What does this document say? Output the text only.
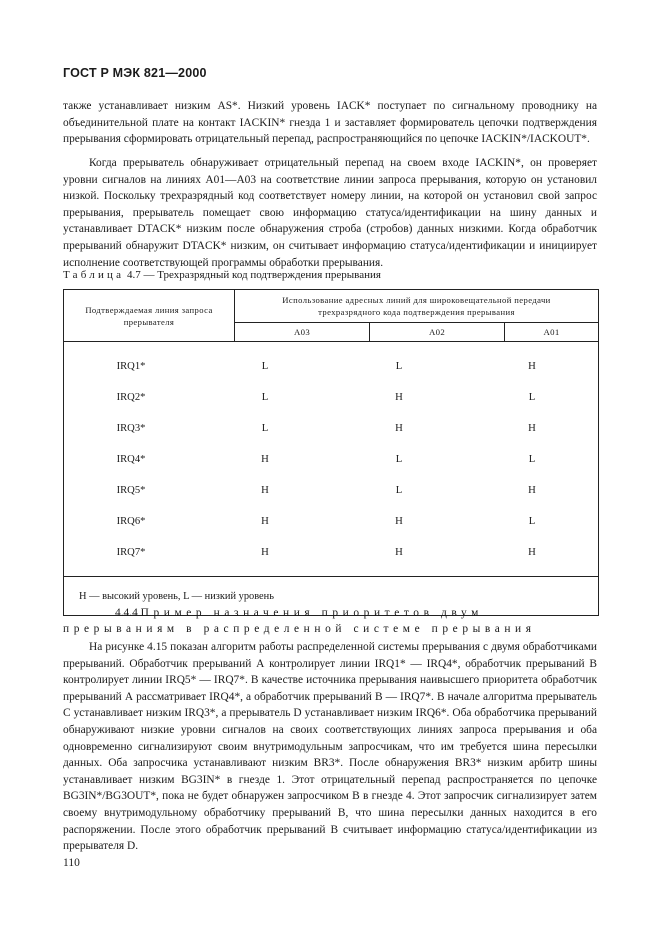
ГОСТ Р МЭК 821—2000

также устанавливает низким AS*. Низкий уровень IACK* поступает по сигнальному проводнику на объединительной плате на контакт IACKIN* гнезда 1 и заставляет формирователь цепочки подтверждения прерывания сформировать отрицательный перепад, распространяющийся по цепочке IACKIN*/IACKOUT*.

Когда прерыватель обнаруживает отрицательный перепад на своем входе IACKIN*, он проверяет уровни сигналов на линиях А01—А03 на соответствие линии запроса прерывания, которую он установил низкой. Поскольку трехразрядный код соответствует номеру линии, на которой он установил свой запрос прерывания, прерыватель помещает свою информацию статуса/идентификации на шину данных и устанавливает DTACK* низким после обнаружения строба (стробов) данных низкими. Когда обработчик прерываний обнаружит DTACK* низким, он считывает информацию статуса/идентификации и инициирует исполнение соответствующей программы обработки прерывания.

Таблица 4.7 — Трехразрядный код подтверждения прерывания
Подтверждаемая линия запроса прерывателя	Использование адресных линий для широковещательной передачи трехразрядного кода подтверждения прерывания
А03	А02	А01

IRQ1*	L	L	H
IRQ2*	L	H	L
IRQ3*	L	H	H
IRQ4*	H	L	L
IRQ5*	H	L	H
IRQ6*	H	H	L
IRQ7*	H	H	H

H — высокий уровень, L — низкий уровень
4.4.4 Пример назначения приоритетов двум прерываниям в распределенной системе прерывания

На рисунке 4.15 показан алгоритм работы распределенной системы прерывания с двумя обработчиками прерываний. Обработчик прерываний А контролирует линии IRQ1* — IRQ4*, обработчик прерываний В контролирует линии IRQ5* — IRQ7*. В качестве источника прерывания наивысшего приоритета обработчик прерываний А рассматривает IRQ4*, а обработчик прерываний В — IRQ7*. В начале алгоритма прерыватель С устанавливает низким IRQ3*, а прерыватель D устанавливает низким IRQ6*. Оба обработчика прерываний обнаруживают низкие уровни сигналов на своих соответствующих линиях запроса прерывания и оба одновременно сигнализируют своим внутримодульным запросчикам, что им требуется шина пересылки данных. Оба запросчика устанавливают низким BR3*. После обнаружения BR3* низким арбитр шины устанавливает низким BG3IN* в гнезде 1. Этот отрицательный перепад распространяется по цепочке BG3IN*/BG3OUT*, пока не будет обнаружен запросчиком В в гнезде 4. Этот запросчик сигнализирует затем своему внутримодульному обработчику прерываний В, что шина пересылки данных находится в его распоряжении. После этого обработчик прерываний В считывает информацию статуса/идентификации из прерывателя D.

110
